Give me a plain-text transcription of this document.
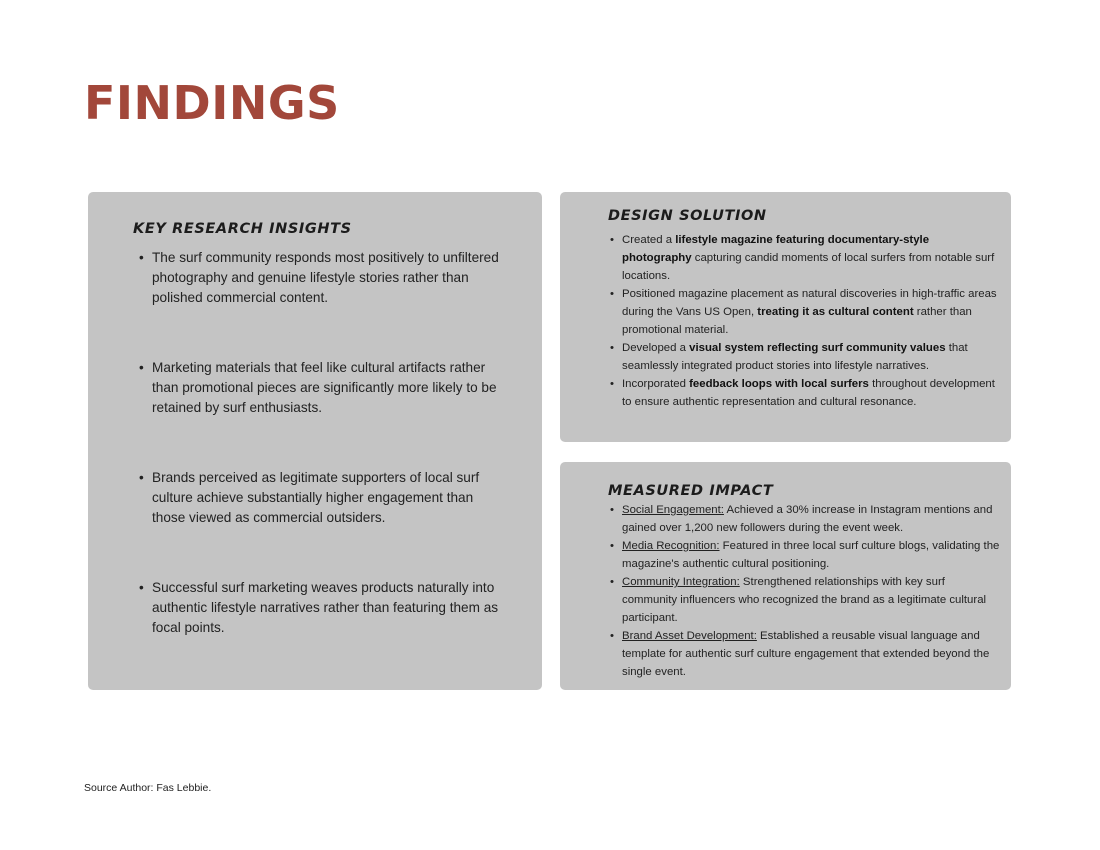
FINDINGS
KEY RESEARCH INSIGHTS
• The surf community responds most positively to unfiltered photography and genuine lifestyle stories rather than polished commercial content.
• Marketing materials that feel like cultural artifacts rather than promotional pieces are significantly more likely to be retained by surf enthusiasts.
• Brands perceived as legitimate supporters of local surf culture achieve substantially higher engagement than those viewed as commercial outsiders.
• Successful surf marketing weaves products naturally into authentic lifestyle narratives rather than featuring them as focal points.
DESIGN SOLUTION
• Created a lifestyle magazine featuring documentary-style photography capturing candid moments of local surfers from notable surf locations.
• Positioned magazine placement as natural discoveries in high-traffic areas during the Vans US Open, treating it as cultural content rather than promotional material.
• Developed a visual system reflecting surf community values that seamlessly integrated product stories into lifestyle narratives.
• Incorporated feedback loops with local surfers throughout development to ensure authentic representation and cultural resonance.
MEASURED IMPACT
• Social Engagement: Achieved a 30% increase in Instagram mentions and gained over 1,200 new followers during the event week.
• Media Recognition: Featured in three local surf culture blogs, validating the magazine's authentic cultural positioning.
• Community Integration: Strengthened relationships with key surf community influencers who recognized the brand as a legitimate cultural participant.
• Brand Asset Development: Established a reusable visual language and template for authentic surf culture engagement that extended beyond the single event.

Source Author: Fas Lebbie.
